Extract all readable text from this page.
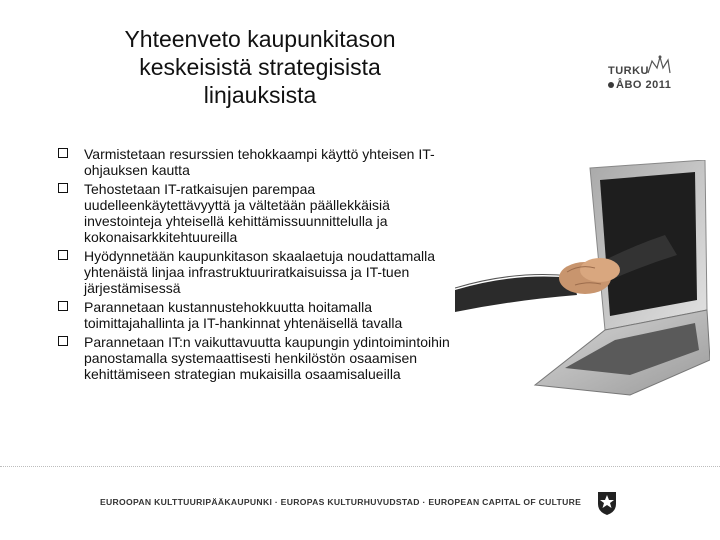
Yhteenveto kaupunkitason
keskeisistä strategisista
linjauksista
TURKU
ÅBO 2011
Varmistetaan resurssien tehokkaampi käyttö yhteisen IT-ohjauksen kautta
Tehostetaan IT-ratkaisujen parempaa uudelleenkäytettävyyttä ja vältetään päällekkäisiä investointeja yhteisellä kehittämissuunnittelulla ja kokonaisarkkitehtuureilla
Hyödynnetään kaupunkitason skaalaetuja noudattamalla yhtenäistä linjaa infrastruktuuriratkaisuissa ja IT-tuen järjestämisessä
Parannetaan kustannustehokkuutta hoitamalla toimittajahallinta ja IT-hankinnat yhtenäisellä tavalla
Parannetaan IT:n vaikuttavuutta kaupungin ydintoimintoihin panostamalla systemaattisesti henkilöstön osaamisen kehittämiseen strategian mukaisilla osaamisalueilla
EUROOPAN KULTTUURIPÄÄKAUPUNKI · EUROPAS KULTURHUVUDSTAD · EUROPEAN CAPITAL OF CULTURE
